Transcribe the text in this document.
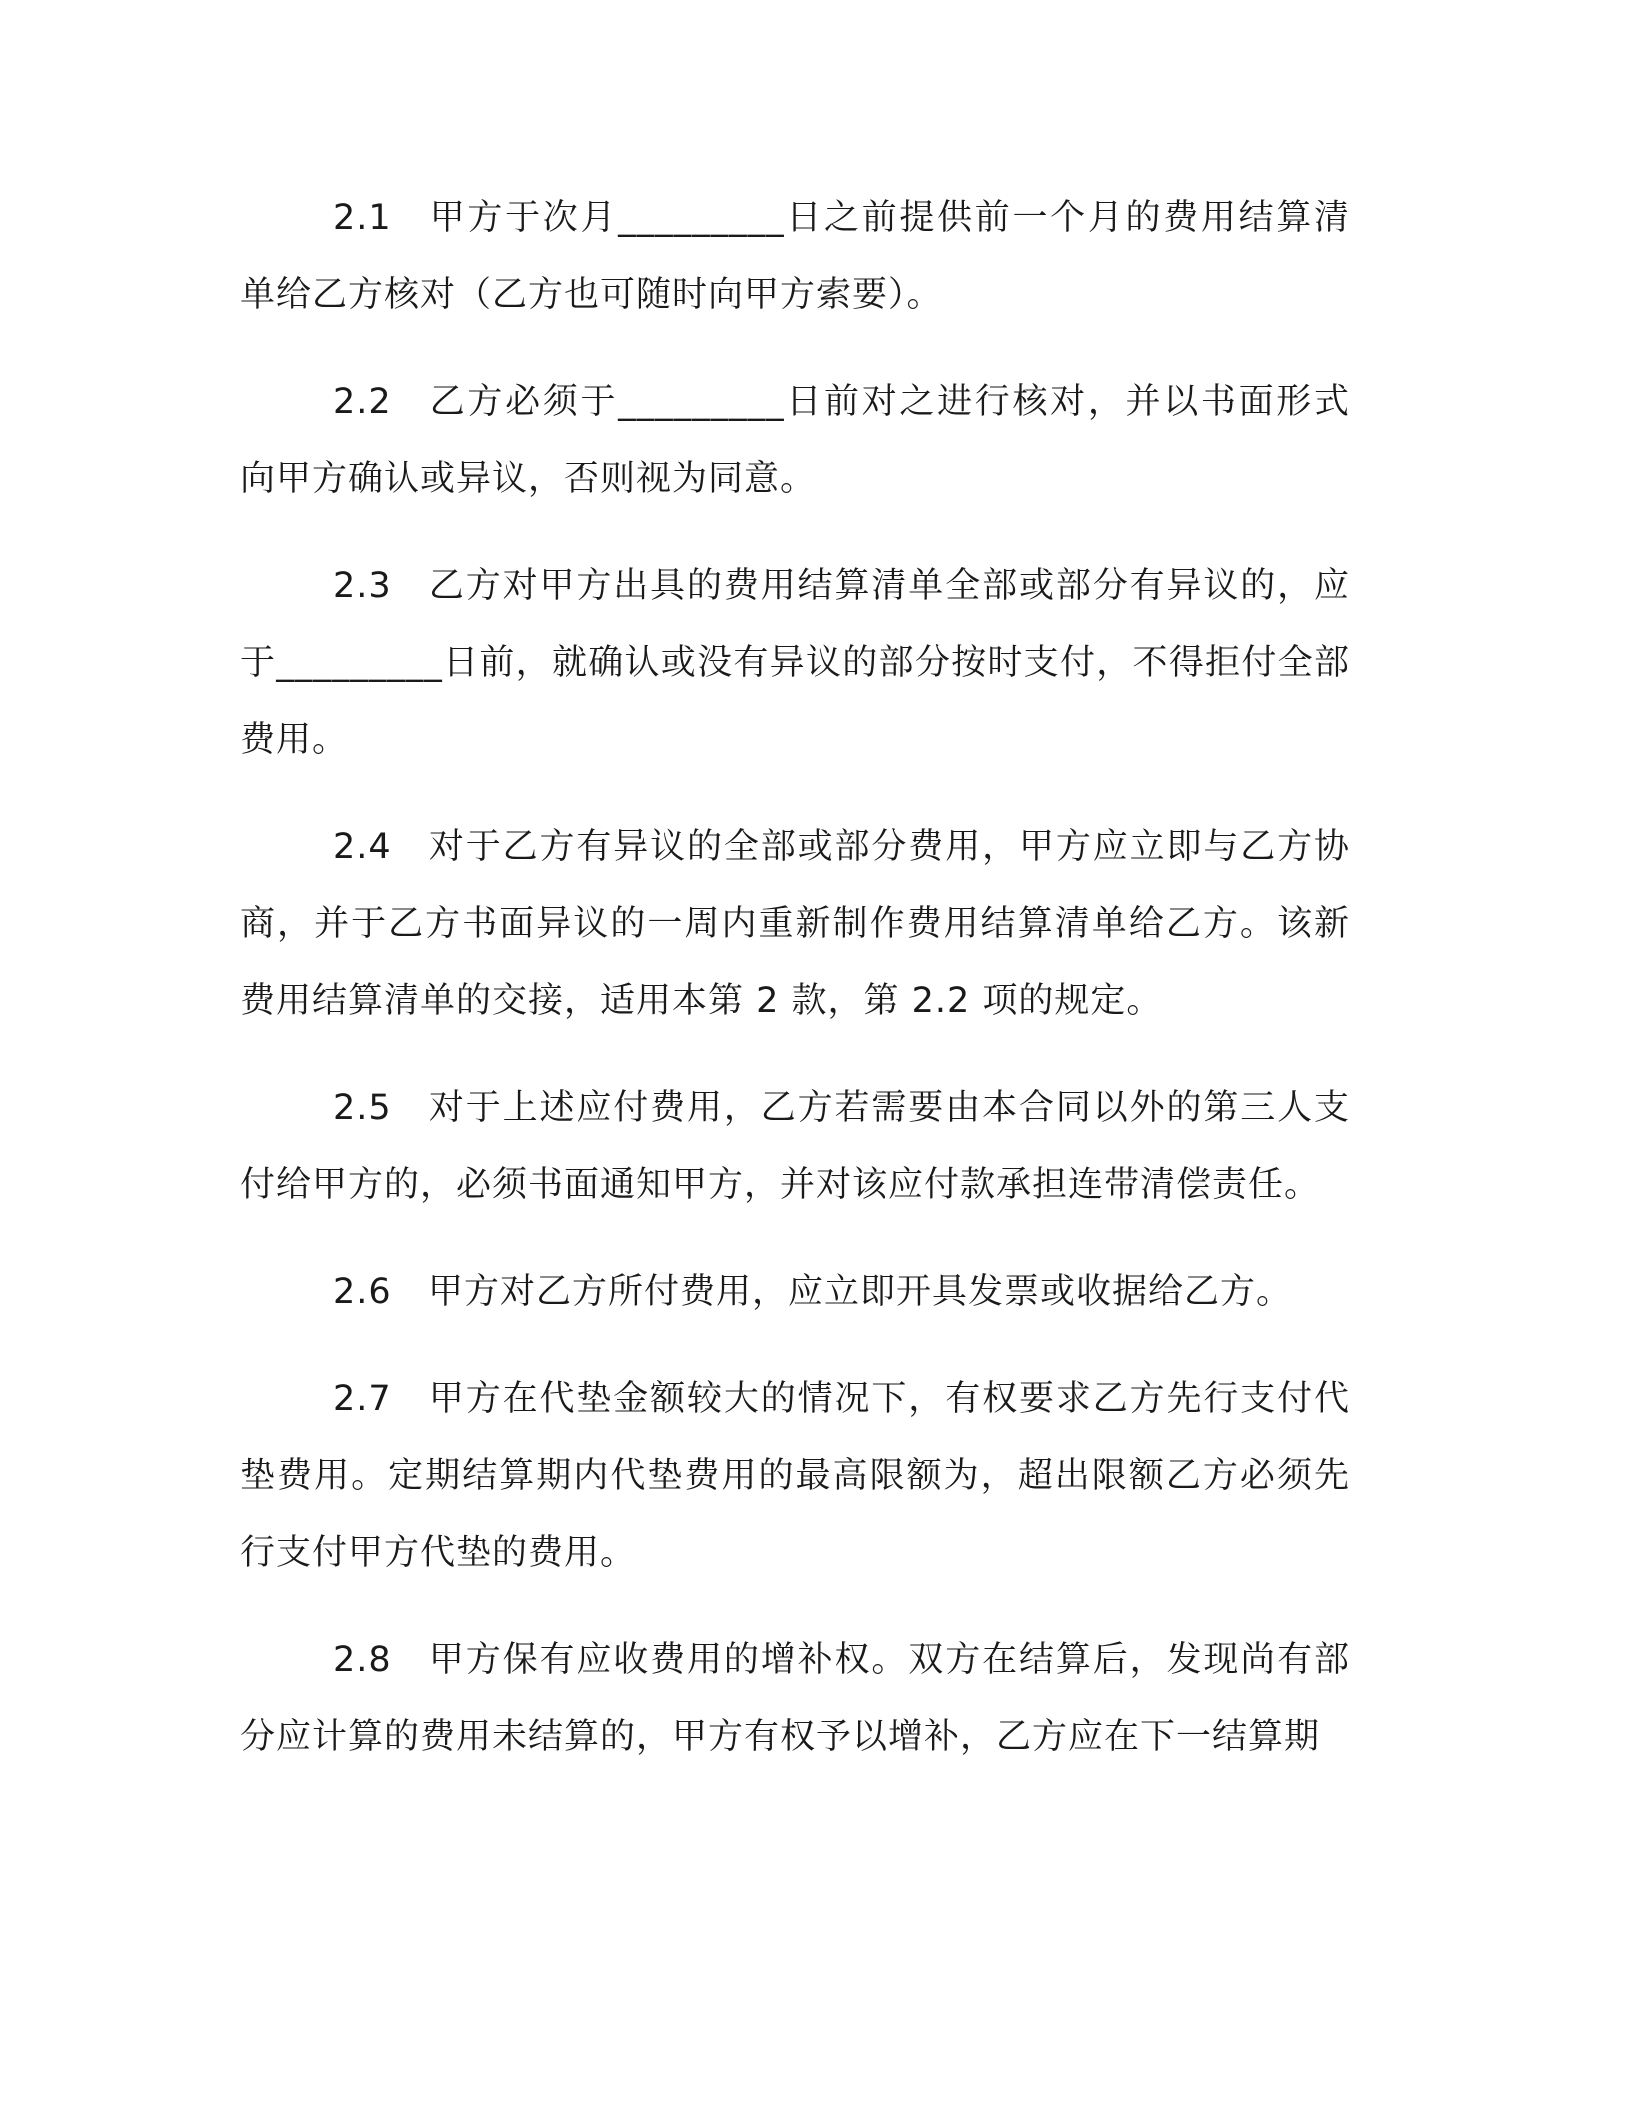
2.1 甲方于次月_________日之前提供前一个月的费用结算清单给乙方核对（乙方也可随时向甲方索要）。

2.2 乙方必须于_________日前对之进行核对，并以书面形式向甲方确认或异议，否则视为同意。

2.3 乙方对甲方出具的费用结算清单全部或部分有异议的，应于_________日前，就确认或没有异议的部分按时支付，不得拒付全部费用。

2.4 对于乙方有异议的全部或部分费用，甲方应立即与乙方协商，并于乙方书面异议的一周内重新制作费用结算清单给乙方。该新费用结算清单的交接，适用本第 2 款，第 2.2 项的规定。

2.5 对于上述应付费用，乙方若需要由本合同以外的第三人支付给甲方的，必须书面通知甲方，并对该应付款承担连带清偿责任。

2.6 甲方对乙方所付费用，应立即开具发票或收据给乙方。

2.7 甲方在代垫金额较大的情况下，有权要求乙方先行支付代垫费用。定期结算期内代垫费用的最高限额为，超出限额乙方必须先行支付甲方代垫的费用。

2.8 甲方保有应收费用的增补权。双方在结算后，发现尚有部分应计算的费用未结算的，甲方有权予以增补，乙方应在下一结算期
